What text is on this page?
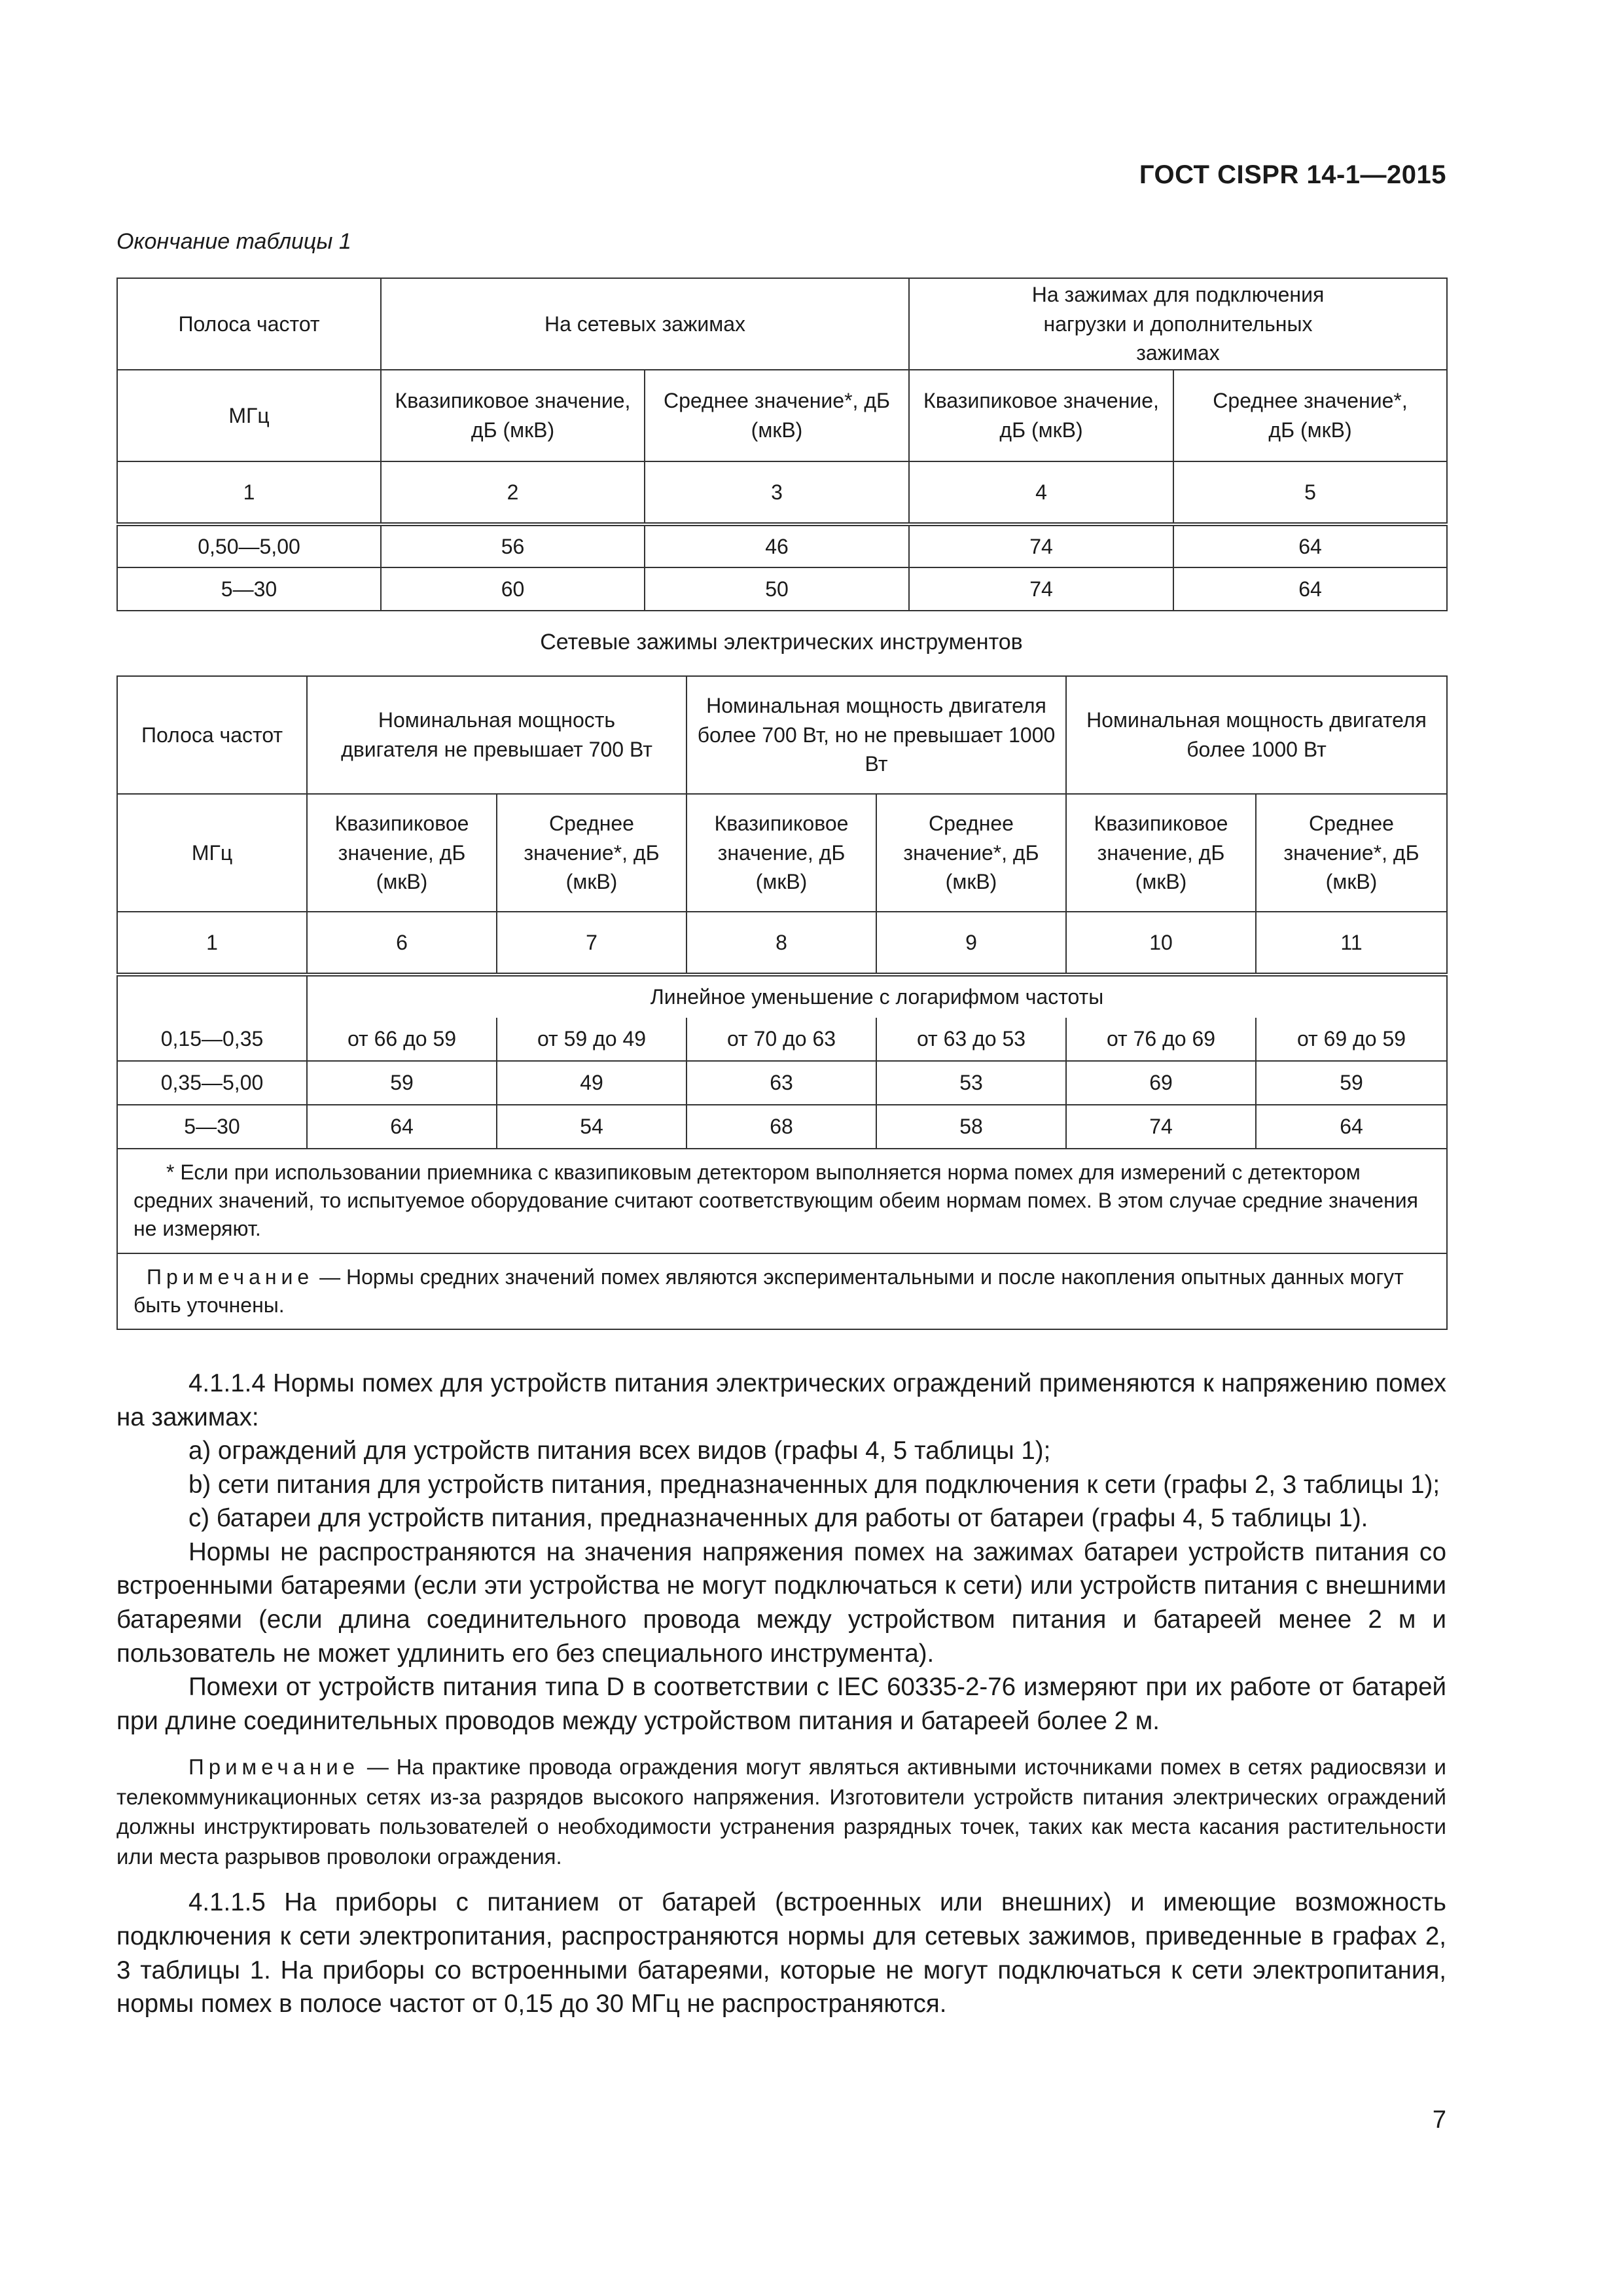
ГОСТ CISPR 14-1—2015
Окончание таблицы 1
Полоса частот	На сетевых зажимах		На зажимах для подключения нагрузки и дополнительных зажимах	
МГц	Квазипиковое значение, дБ (мкВ)	Среднее значение*, дБ (мкВ)	Квазипиковое значение, дБ (мкВ)	Среднее значение*, дБ (мкВ)
1	2	3	4	5
0,50—5,00	56	46	74	64
5—30	60	50	74	64
Сетевые зажимы электрических инструментов
Полоса частот	Номинальная мощность двигателя не превышает 700 Вт		Номинальная мощность двигателя более 700 Вт, но не превышает 1000 Вт		Номинальная мощность двигателя более 1000 Вт	
МГц	Квазипиковое значение, дБ (мкВ)	Среднее значение*, дБ (мкВ)	Квазипиковое значение, дБ (мкВ)	Среднее значение*, дБ (мкВ)	Квазипиковое значение, дБ (мкВ)	Среднее значение*, дБ (мкВ)
1	6	7	8	9	10	11
	Линейное уменьшение с логарифмом частоты					
0,15—0,35	от 66 до 59	от 59 до 49	от 70 до 63	от 63 до 53	от 76 до 69	от 69 до 59
0,35—5,00	59	49	63	53	69	59
5—30	64	54	68	58	74	64
* Если при использовании приемника с квазипиковым детектором выполняется норма помех для измерений с детектором средних значений, то испытуемое оборудование считают соответствующим обеим нормам помех. В этом случае средние значения не измеряют.						
Примечание — Нормы средних значений помех являются экспериментальными и после накопления опытных данных могут быть уточнены.						

4.1.1.4 Нормы помех для устройств питания электрических ограждений применяются к напряжению помех на зажимах:

а) ограждений для устройств питания всех видов (графы 4, 5 таблицы 1);

b) сети питания для устройств питания, предназначенных для подключения к сети (графы 2, 3 таблицы 1);

с) батареи для устройств питания, предназначенных для работы от батареи (графы 4, 5 таблицы 1).

Нормы не распространяются на значения напряжения помех на зажимах батареи устройств питания со встроенными батареями (если эти устройства не могут подключаться к сети) или устройств питания с внешними батареями (если длина соединительного провода между устройством питания и батареей менее 2 м и пользователь не может удлинить его без специального инструмента).

Помехи от устройств питания типа D в соответствии с IEC 60335-2-76 измеряют при их работе от батарей при длине соединительных проводов между устройством питания и батареей более 2 м.

Примечание — На практике провода ограждения могут являться активными источниками помех в сетях радиосвязи и телекоммуникационных сетях из-за разрядов высокого напряжения. Изготовители устройств питания электрических ограждений должны инструктировать пользователей о необходимости устранения разрядных точек, таких как места касания растительности или места разрывов проволоки ограждения.

4.1.1.5 На приборы с питанием от батарей (встроенных или внешних) и имеющие возможность подключения к сети электропитания, распространяются нормы для сетевых зажимов, приведенные в графах 2, 3 таблицы 1. На приборы со встроенными батареями, которые не могут подключаться к сети электропитания, нормы помех в полосе частот от 0,15 до 30 МГц не распространяются.

7
